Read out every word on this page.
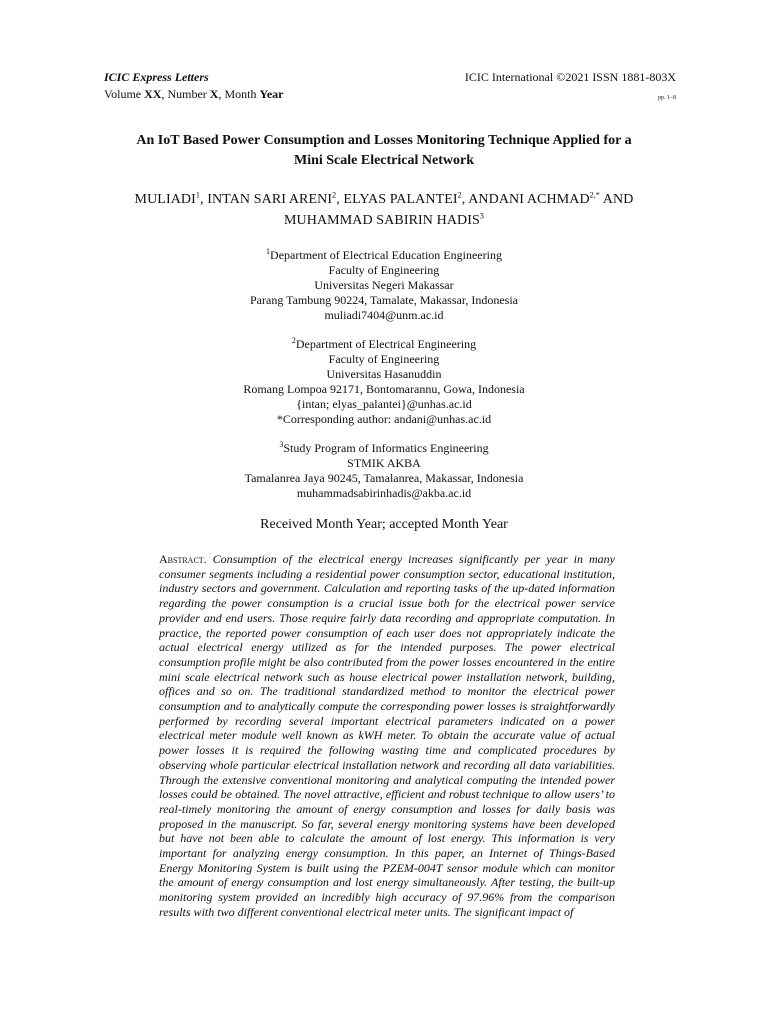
ICIC Express Letters
Volume XX, Number X, Month Year
ICIC International ©2021 ISSN 1881-803X
pp. 1–8
An IoT Based Power Consumption and Losses Monitoring Technique Applied for a
Mini Scale Electrical Network
MULIADI$^1$, INTAN SARI ARENI$^2$, ELYAS PALANTEI$^2$, ANDANI $ACHMAD^{2,*}$ AND
MUHAMMAD SABIRIN HADIS$^3$
$^1$Department of Electrical Education Engineering
Faculty of Engineering
Universitas Negeri Makassar
Parang Tambung 90224, Tamalate, Makassar, Indonesia
muliadi7404@unm.ac.id
$^2$Department of Electrical Engineering
Faculty of Engineering
Universitas Hasanuddin
Romang Lompoa 92171, Bontomarannu, Gowa, Indonesia
{intan; elyas_palantei}@unhas.ac.id
*Corresponding author: andani@unhas.ac.id
$^3$Study Program of Informatics Engineering
STMIK AKBA
Tamalanrea Jaya 90245, Tamalanrea, Makassar, Indonesia
muhammadsabirinhadis@akba.ac.id
Received Month Year; accepted Month Year
Abstract. Consumption of the electrical energy increases significantly per year in many consumer segments including a residential power consumption sector, educational institution, industry sectors and government. Calculation and reporting tasks of the up-dated information regarding the power consumption is a crucial issue both for the electrical power service provider and end users. Those require fairly data recording and appropriate computation. In practice, the reported power consumption of each user does not appropriately indicate the actual electrical energy utilized as for the intended purposes. The power electrical consumption profile might be also contributed from the power losses encountered in the entire mini scale electrical network such as house electrical power installation network, building, offices and so on. The traditional standardized method to monitor the electrical power consumption and to analytically compute the corresponding power losses is straightforwardly performed by recording several important electrical parameters indicated on a power electrical meter module well known as kWH meter. To obtain the accurate value of actual power losses it is required the following wasting time and complicated procedures by observing whole particular electrical installation network and recording all data variabilities. Through the extensive conventional monitoring and analytical computing the intended power losses could be obtained. The novel attractive, efficient and robust technique to allow users’ to real-timely monitoring the amount of energy consumption and losses for daily basis was proposed in the manuscript. So far, several energy monitoring systems have been developed but have not been able to calculate the amount of lost energy. This information is very important for analyzing energy consumption. In this paper, an Internet of Things-Based Energy Monitoring System is built using the PZEM-004T sensor module which can monitor the amount of energy consumption and lost energy simultaneously. After testing, the built-up monitoring system provided an incredibly high accuracy of 97.96% from the comparison results with two different conventional electrical meter units. The significant impact of
